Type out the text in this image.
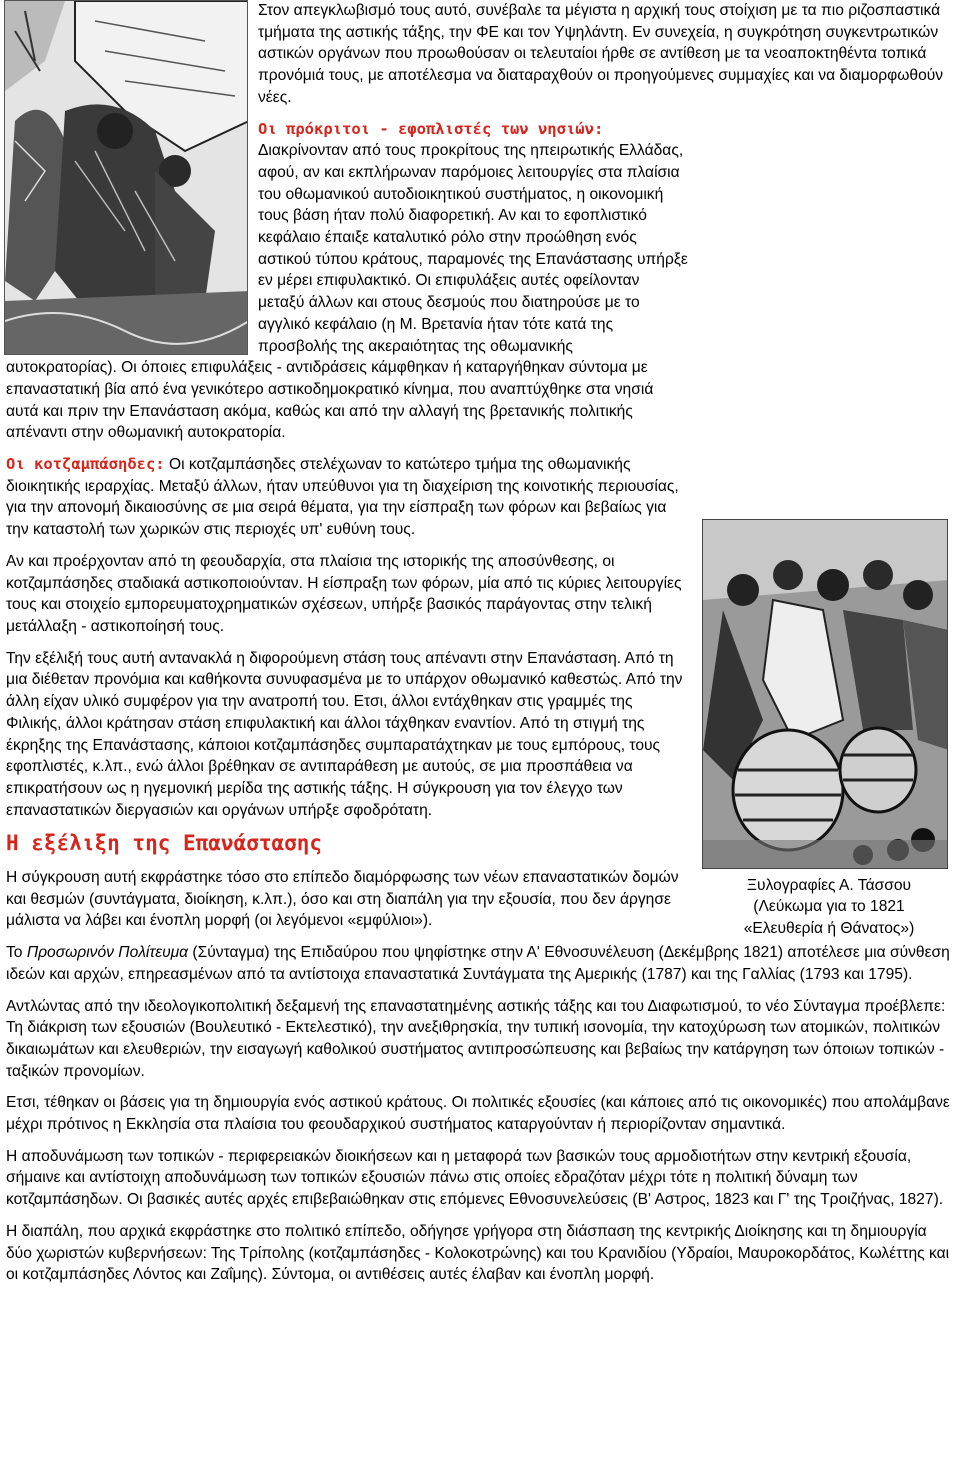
Στον απεγκλωβισμό τους αυτό, συνέβαλε τα μέγιστα η αρχική τους στοίχιση με τα πιο ριζοσπαστικά τμήματα της αστικής τάξης, την ΦΕ και τον Υψηλάντη. Εν συνεχεία, η συγκρότηση συγκεντρωτικών αστικών οργάνων που προωθούσαν οι τελευταίοι ήρθε σε αντίθεση με τα νεοαποκτηθέντα τοπικά προνόμιά τους, με αποτέλεσμα να διαταραχθούν οι προηγούμενες συμμαχίες και να διαμορφωθούν νέες.

Ξυλογραφίες Α. Τάσσου
(Λεύκωμα για το 1821
«Ελευθερία ή Θάνατος»)

Οι πρόκριτοι - εφοπλιστές των νησιών: Διακρίνονταν από τους προκρίτους της ηπειρωτικής Ελλάδας, αφού, αν και εκπλήρωναν παρόμοιες λειτουργίες στα πλαίσια του οθωμανικού αυτοδιοικητικού συστήματος, η οικονομική τους βάση ήταν πολύ διαφορετική. Αν και το εφοπλιστικό κεφάλαιο έπαιξε καταλυτικό ρόλο στην προώθηση ενός αστικού τύπου κράτους, παραμονές της Επανάστασης υπήρξε εν μέρει επιφυλακτικό. Οι επιφυλάξεις αυτές οφείλονταν μεταξύ άλλων και στους δεσμούς που διατηρούσε με το αγγλικό κεφάλαιο (η Μ. Βρετανία ήταν τότε κατά της προσβολής της ακεραιότητας της οθωμανικής αυτοκρατορίας). Οι όποιες επιφυλάξεις - αντιδράσεις κάμφθηκαν ή καταργήθηκαν σύντομα με επαναστατική βία από ένα γενικότερο αστικοδημοκρατικό κίνημα, που αναπτύχθηκε στα νησιά αυτά και πριν την Επανάσταση ακόμα, καθώς και από την αλλαγή της βρετανικής πολιτικής απέναντι στην οθωμανική αυτοκρατορία.

Οι κοτζαμπάσηδες: Οι κοτζαμπάσηδες στελέχωναν το κατώτερο τμήμα της οθωμανικής διοικητικής ιεραρχίας. Μεταξύ άλλων, ήταν υπεύθυνοι για τη διαχείριση της κοινοτικής περιουσίας, για την απονομή δικαιοσύνης σε μια σειρά θέματα, για την είσπραξη των φόρων και βεβαίως για την καταστολή των χωρικών στις περιοχές υπ' ευθύνη τους.

Αν και προέρχονταν από τη φεουδαρχία, στα πλαίσια της ιστορικής της αποσύνθεσης, οι κοτζαμπάσηδες σταδιακά αστικοποιούνταν. Η είσπραξη των φόρων, μία από τις κύριες λειτουργίες τους και στοιχείο εμπορευματοχρηματικών σχέσεων, υπήρξε βασικός παράγοντας στην τελική μετάλλαξη - αστικοποίησή τους.

Την εξέλιξή τους αυτή αντανακλά η διφορούμενη στάση τους απέναντι στην Επανάσταση. Από τη μια διέθεταν προνόμια και καθήκοντα συνυφασμένα με το υπάρχον οθωμανικό καθεστώς. Από την άλλη είχαν υλικό συμφέρον για την ανατροπή του. Ετσι, άλλοι εντάχθηκαν στις γραμμές της Φιλικής, άλλοι κράτησαν στάση επιφυλακτική και άλλοι τάχθηκαν εναντίον. Από τη στιγμή της έκρηξης της Επανάστασης, κάποιοι κοτζαμπάσηδες συμπαρατάχτηκαν με τους εμπόρους, τους εφοπλιστές, κ.λπ., ενώ άλλοι βρέθηκαν σε αντιπαράθεση με αυτούς, σε μια προσπάθεια να επικρατήσουν ως η ηγεμονική μερίδα της αστικής τάξης. Η σύγκρουση για τον έλεγχο των επαναστατικών διεργασιών και οργάνων υπήρξε σφοδρότατη.

Η εξέλιξη της Επανάστασης

Η σύγκρουση αυτή εκφράστηκε τόσο στο επίπεδο διαμόρφωσης των νέων επαναστατικών δομών και θεσμών (συντάγματα, διοίκηση, κ.λπ.), όσο και στη διαπάλη για την εξουσία, που δεν άργησε μάλιστα να λάβει και ένοπλη μορφή (οι λεγόμενοι «εμφύλιοι»).

Το Προσωρινόν Πολίτευμα (Σύνταγμα) της Επιδαύρου που ψηφίστηκε στην Α' Εθνοσυνέλευση (Δεκέμβρης 1821) αποτέλεσε μια σύνθεση ιδεών και αρχών, επηρεασμένων από τα αντίστοιχα επαναστατικά Συντάγματα της Αμερικής (1787) και της Γαλλίας (1793 και 1795).

Αντλώντας από την ιδεολογικοπολιτική δεξαμενή της επαναστατημένης αστικής τάξης και του Διαφωτισμού, το νέο Σύνταγμα προέβλεπε: Τη διάκριση των εξουσιών (Βουλευτικό - Εκτελεστικό), την ανεξιθρησκία, την τυπική ισονομία, την κατοχύρωση των ατομικών, πολιτικών δικαιωμάτων και ελευθεριών, την εισαγωγή καθολικού συστήματος αντιπροσώπευσης και βεβαίως την κατάργηση των όποιων τοπικών - ταξικών προνομίων.

Ετσι, τέθηκαν οι βάσεις για τη δημιουργία ενός αστικού κράτους. Οι πολιτικές εξουσίες (και κάποιες από τις οικονομικές) που απολάμβανε μέχρι πρότινος η Εκκλησία στα πλαίσια του φεουδαρχικού συστήματος καταργούνταν ή περιορίζονταν σημαντικά.

Η αποδυνάμωση των τοπικών - περιφερειακών διοικήσεων και η μεταφορά των βασικών τους αρμοδιοτήτων στην κεντρική εξουσία, σήμαινε και αντίστοιχη αποδυνάμωση των τοπικών εξουσιών πάνω στις οποίες εδραζόταν μέχρι τότε η πολιτική δύναμη των κοτζαμπάσηδων. Οι βασικές αυτές αρχές επιβεβαιώθηκαν στις επόμενες Εθνοσυνελεύσεις (Β' Αστρος, 1823 και Γ' της Τροιζήνας, 1827).

Η διαπάλη, που αρχικά εκφράστηκε στο πολιτικό επίπεδο, οδήγησε γρήγορα στη διάσπαση της κεντρικής Διοίκησης και τη δημιουργία δύο χωριστών κυβερνήσεων: Της Τρίπολης (κοτζαμπάσηδες - Κολοκοτρώνης) και του Κρανιδίου (Υδραίοι, Μαυροκορδάτος, Κωλέττης και οι κοτζαμπάσηδες Λόντος και Ζαΐμης). Σύντομα, οι αντιθέσεις αυτές έλαβαν και ένοπλη μορφή.
